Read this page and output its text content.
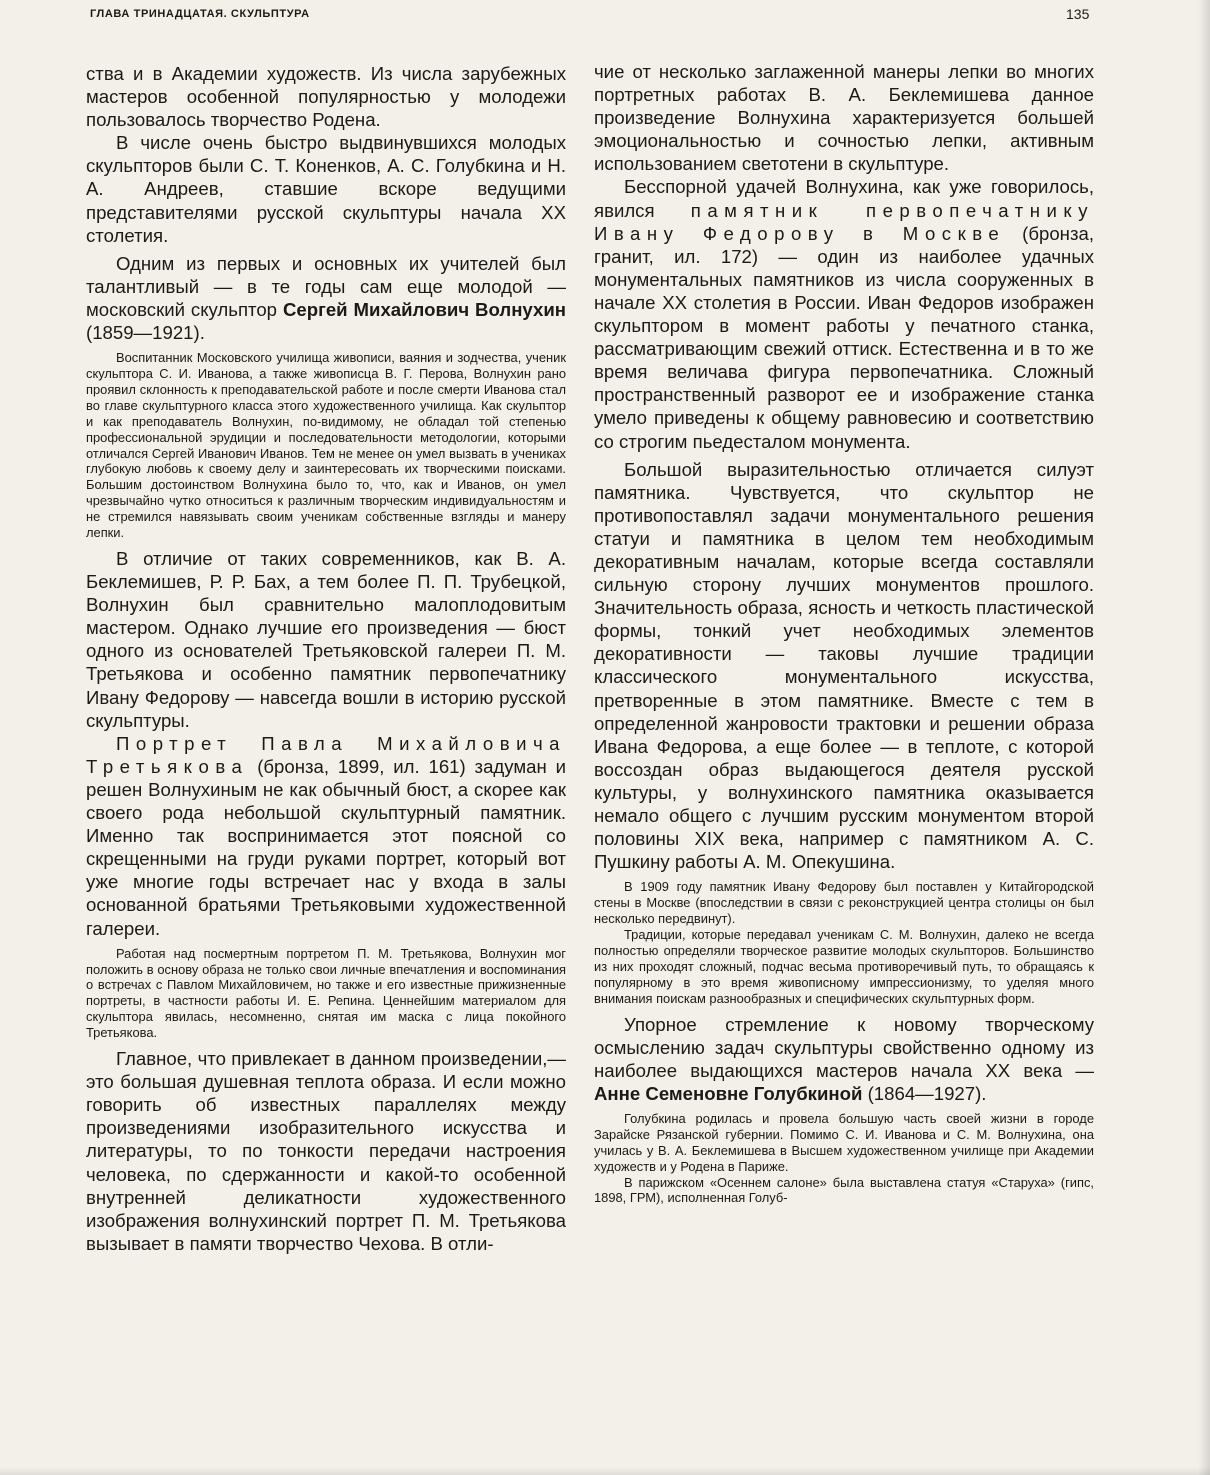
ГЛАВА ТРИНАДЦАТАЯ. СКУЛЬПТУРА	135

ства и в Академии художеств. Из числа зарубежных мастеров особенной популярностью у молодежи пользовалось творчество Родена.

В числе очень быстро выдвинувшихся молодых скульпторов были С. Т. Коненков, А. С. Голубкина и Н. А. Андреев, ставшие вскоре ведущими представителями русской скульптуры начала XX столетия.

Одним из первых и основных их учителей был талантливый — в те годы сам еще молодой — московский скульптор Сергей Михайлович Волнухин (1859—1921).

Воспитанник Московского училища живописи, ваяния и зодчества, ученик скульптора С. И. Иванова, а также живописца В. Г. Перова, Волнухин рано проявил склонность к преподавательской работе и после смерти Иванова стал во главе скульптурного класса этого художественного училища. Как скульптор и как преподаватель Волнухин, по-видимому, не обладал той степенью профессиональной эрудиции и последовательности методологии, которыми отличался Сергей Иванович Иванов. Тем не менее он умел вызвать в учениках глубокую любовь к своему делу и заинтересовать их творческими поисками. Большим достоинством Волнухина было то, что, как и Иванов, он умел чрезвычайно чутко относиться к различным творческим индивидуальностям и не стремился навязывать своим ученикам собственные взгляды и манеру лепки.

В отличие от таких современников, как В. А. Беклемишев, Р. Р. Бах, а тем более П. П. Трубецкой, Волнухин был сравнительно малоплодовитым мастером. Однако лучшие его произведения — бюст одного из основателей Третьяковской галереи П. М. Третьякова и особенно памятник первопечатнику Ивану Федорову — навсегда вошли в историю русской скульптуры.

Портрет Павла Михайловича Третьякова (бронза, 1899, ил. 161) задуман и решен Волнухиным не как обычный бюст, а скорее как своего рода небольшой скульптурный памятник. Именно так воспринимается этот поясной со скрещенными на груди руками портрет, который вот уже многие годы встречает нас у входа в залы основанной братьями Третьяковыми художественной галереи.

Работая над посмертным портретом П. М. Третьякова, Волнухин мог положить в основу образа не только свои личные впечатления и воспоминания о встречах с Павлом Михайловичем, но также и его известные прижизненные портреты, в частности работы И. Е. Репина. Ценнейшим материалом для скульптора явилась, несомненно, снятая им маска с лица покойного Третьякова.

Главное, что привлекает в данном произведении,— это большая душевная теплота образа. И если можно говорить об известных параллелях между произведениями изобразительного искусства и литературы, то по тонкости передачи настроения человека, по сдержанности и какой-то особенной внутренней деликатности художественного изображения волнухинский портрет П. М. Третьякова вызывает в памяти творчество Чехова. В отли-

чие от несколько заглаженной манеры лепки во многих портретных работах В. А. Беклемишева данное произведение Волнухина характеризуется большей эмоциональностью и сочностью лепки, активным использованием светотени в скульптуре.

Бесспорной удачей Волнухина, как уже говорилось, явился памятник первопечатнику Ивану Федорову в Москве (бронза, гранит, ил. 172) — один из наиболее удачных монументальных памятников из числа сооруженных в начале XX столетия в России. Иван Федоров изображен скульптором в момент работы у печатного станка, рассматривающим свежий оттиск. Естественна и в то же время величава фигура первопечатника. Сложный пространственный разворот ее и изображение станка умело приведены к общему равновесию и соответствию со строгим пьедесталом монумента.

Большой выразительностью отличается силуэт памятника. Чувствуется, что скульптор не противопоставлял задачи монументального решения статуи и памятника в целом тем необходимым декоративным началам, которые всегда составляли сильную сторону лучших монументов прошлого. Значительность образа, ясность и четкость пластической формы, тонкий учет необходимых элементов декоративности — таковы лучшие традиции классического монументального искусства, претворенные в этом памятнике. Вместе с тем в определенной жанровости трактовки и решении образа Ивана Федорова, а еще более — в теплоте, с которой воссоздан образ выдающегося деятеля русской культуры, у волнухинского памятника оказывается немало общего с лучшим русским монументом второй половины XIX века, например с памятником А. С. Пушкину работы А. М. Опекушина.

В 1909 году памятник Ивану Федорову был поставлен у Китайгородской стены в Москве (впоследствии в связи с реконструкцией центра столицы он был несколько передвинут).

Традиции, которые передавал ученикам С. М. Волнухин, далеко не всегда полностью определяли творческое развитие молодых скульпторов. Большинство из них проходят сложный, подчас весьма противоречивый путь, то обращаясь к популярному в это время живописному импрессионизму, то уделяя много внимания поискам разнообразных и специфических скульптурных форм.

Упорное стремление к новому творческому осмыслению задач скульптуры свойственно одному из наиболее выдающихся мастеров начала XX века — Анне Семеновне Голубкиной (1864—1927).

Голубкина родилась и провела большую часть своей жизни в городе Зарайске Рязанской губернии. Помимо С. И. Иванова и С. М. Волнухина, она училась у В. А. Беклемишева в Высшем художественном училище при Академии художеств и у Родена в Париже.

В парижском «Осеннем салоне» была выставлена статуя «Старуха» (гипс, 1898, ГРМ), исполненная Голуб-
